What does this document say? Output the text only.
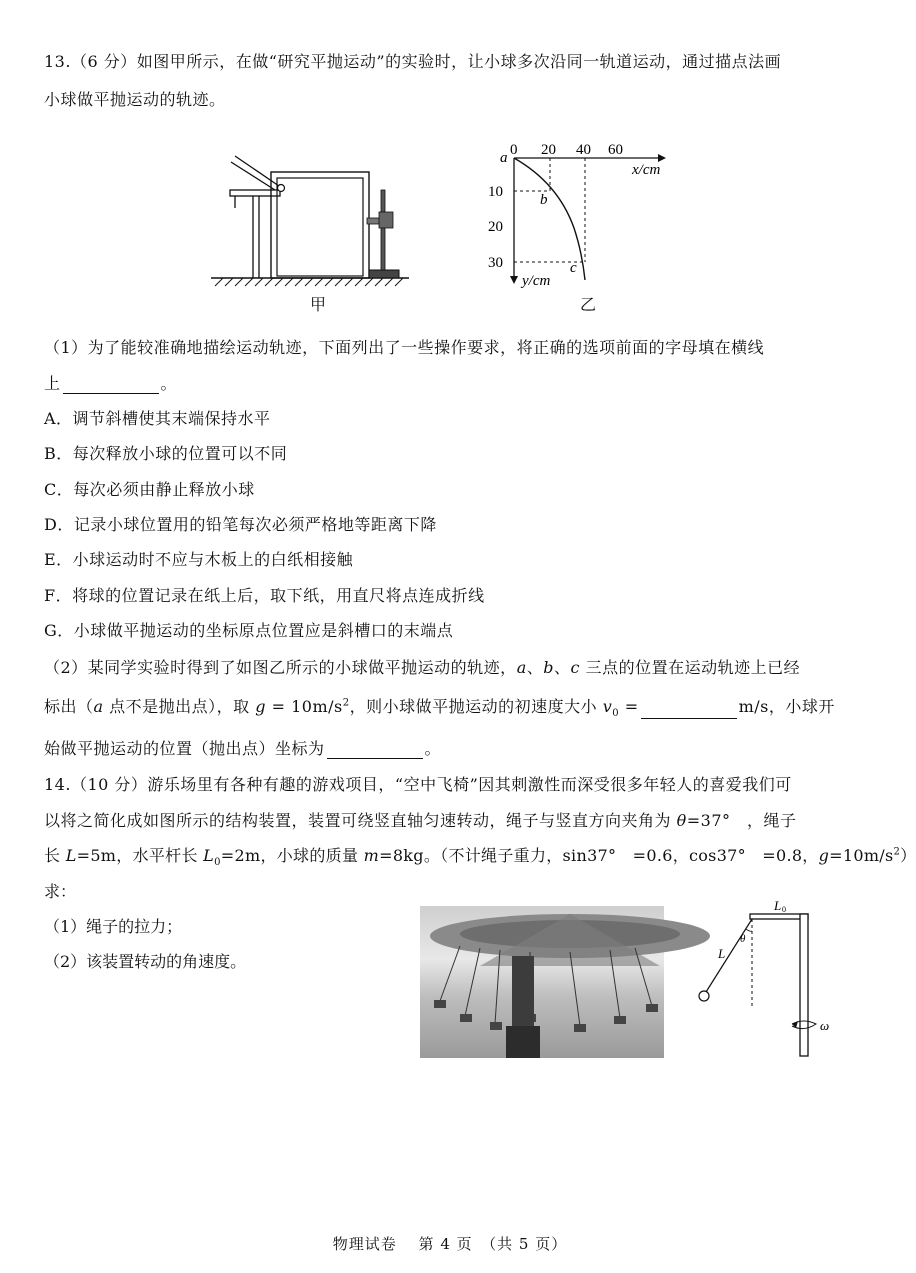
13.（6 分）如图甲所示，在做“研究平抛运动”的实验时，让小球多次沿同一轨道运动，通过描点法画
小球做平抛运动的轨迹。
甲
0 20 40 60
x/cm
10
20
30
y/cm
a
b
c
乙
（1）为了能较准确地描绘运动轨迹，下面列出了一些操作要求，将正确的选项前面的字母填在横线
上	。
A．调节斜槽使其末端保持水平
B．每次释放小球的位置可以不同
C．每次必须由静止释放小球
D．记录小球位置用的铅笔每次必须严格地等距离下降
E．小球运动时不应与木板上的白纸相接触
F．将球的位置记录在纸上后，取下纸，用直尺将点连成折线
G．小球做平抛运动的坐标原点位置应是斜槽口的末端点
（2）某同学实验时得到了如图乙所示的小球做平抛运动的轨迹，a、b、c 三点的位置在运动轨迹上已经
标出（a 点不是抛出点），取 $g = 10m/s^2$，则小球做平抛运动的初速度大小 $v_0$ =	m/s，小球开
始做平抛运动的位置（抛出点）坐标为	。
14.（10 分）游乐场里有各种有趣的游戏项目，“空中飞椅”因其刺激性而深受很多年轻人的喜爱我们可
以将之简化成如图所示的结构装置，装置可绕竖直轴匀速转动，绳子与竖直方向夹角为 θ=37°　，绳子
长 L=5m，水平杆长 $L_0=2m$，小球的质量 m=8kg。（不计绳子重力，sin37°　=0.6，cos37°　=0.8，$g=10m/s^2$）
求：
（1）绳子的拉力；
（2）该装置转动的角速度。
L 0
L
θ
ω
物理试卷　 第 4 页　（共 5 页）
